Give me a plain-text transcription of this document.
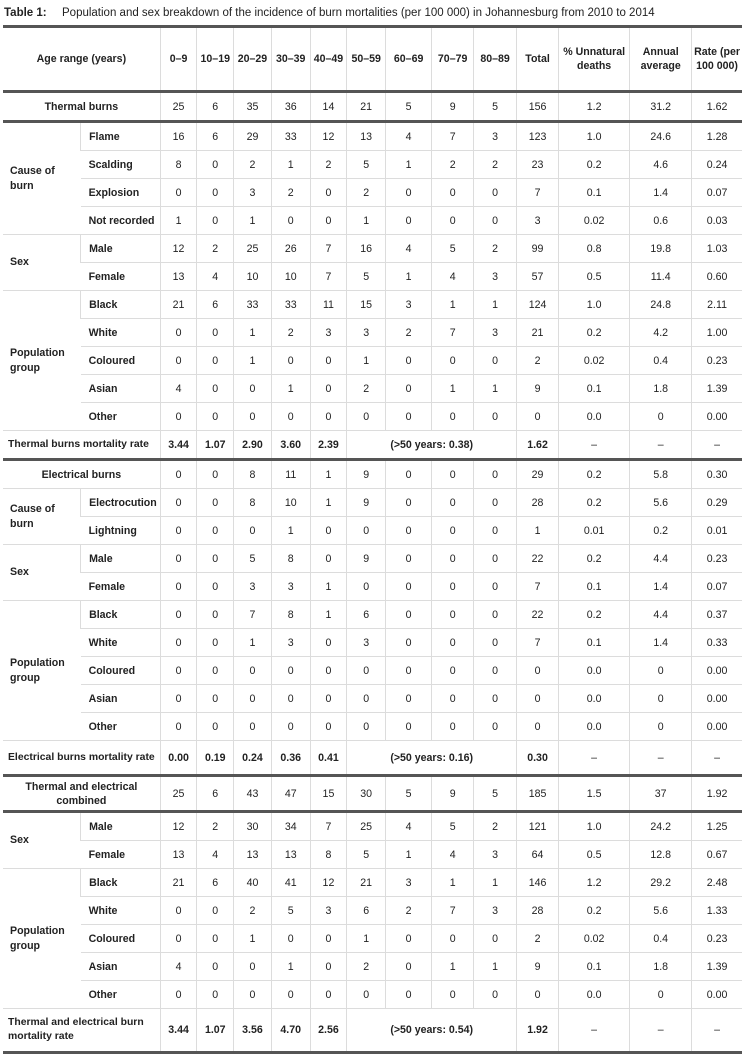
Table 1:	Population and sex breakdown of the incidence of burn mortalities (per 100 000) in Johannesburg from 2010 to 2014
Age range (years)		0–9	10–19	20–29	30–39	40–49	50–59	60–69	70–79	80–89	Total	% Unnatural deaths	Annual average	Rate (per 100 000)
Thermal burns		25	6	35	36	14	21	5	9	5	156	1.2	31.2	1.62
Cause of burn	Flame	16	6	29	33	12	13	4	7	3	123	1.0	24.6	1.28
	Scalding	8	0	2	1	2	5	1	2	2	23	0.2	4.6	0.24
	Explosion	0	0	3	2	0	2	0	0	0	7	0.1	1.4	0.07
	Not recorded	1	0	1	0	0	1	0	0	0	3	0.02	0.6	0.03
Sex	Male	12	2	25	26	7	16	4	5	2	99	0.8	19.8	1.03
	Female	13	4	10	10	7	5	1	4	3	57	0.5	11.4	0.60
Population group	Black	21	6	33	33	11	15	3	1	1	124	1.0	24.8	2.11
	White	0	0	1	2	3	3	2	7	3	21	0.2	4.2	1.00
	Coloured	0	0	1	0	0	1	0	0	0	2	0.02	0.4	0.23
	Asian	4	0	0	1	0	2	0	1	1	9	0.1	1.8	1.39
	Other	0	0	0	0	0	0	0	0	0	0	0.0	0	0.00
Thermal burns mortality rate		3.44	1.07	2.90	3.60	2.39	(>50 years: 0.38)				1.62	–	–	–
Electrical burns		0	0	8	11	1	9	0	0	0	29	0.2	5.8	0.30
Cause of burn	Electrocution	0	0	8	10	1	9	0	0	0	28	0.2	5.6	0.29
	Lightning	0	0	0	1	0	0	0	0	0	1	0.01	0.2	0.01
Sex	Male	0	0	5	8	0	9	0	0	0	22	0.2	4.4	0.23
	Female	0	0	3	3	1	0	0	0	0	7	0.1	1.4	0.07
Population group	Black	0	0	7	8	1	6	0	0	0	22	0.2	4.4	0.37
	White	0	0	1	3	0	3	0	0	0	7	0.1	1.4	0.33
	Coloured	0	0	0	0	0	0	0	0	0	0	0.0	0	0.00
	Asian	0	0	0	0	0	0	0	0	0	0	0.0	0	0.00
	Other	0	0	0	0	0	0	0	0	0	0	0.0	0	0.00
Electrical burns mortality rate		0.00	0.19	0.24	0.36	0.41	(>50 years: 0.16)				0.30	–	–	–
Thermal and electrical combined		25	6	43	47	15	30	5	9	5	185	1.5	37	1.92
Sex	Male	12	2	30	34	7	25	4	5	2	121	1.0	24.2	1.25
	Female	13	4	13	13	8	5	1	4	3	64	0.5	12.8	0.67
Population group	Black	21	6	40	41	12	21	3	1	1	146	1.2	29.2	2.48
	White	0	0	2	5	3	6	2	7	3	28	0.2	5.6	1.33
	Coloured	0	0	1	0	0	1	0	0	0	2	0.02	0.4	0.23
	Asian	4	0	0	1	0	2	0	1	1	9	0.1	1.8	1.39
	Other	0	0	0	0	0	0	0	0	0	0	0.0	0	0.00
Thermal and electrical burn mortality rate		3.44	1.07	3.56	4.70	2.56	(>50 years: 0.54)				1.92	–	–	–
